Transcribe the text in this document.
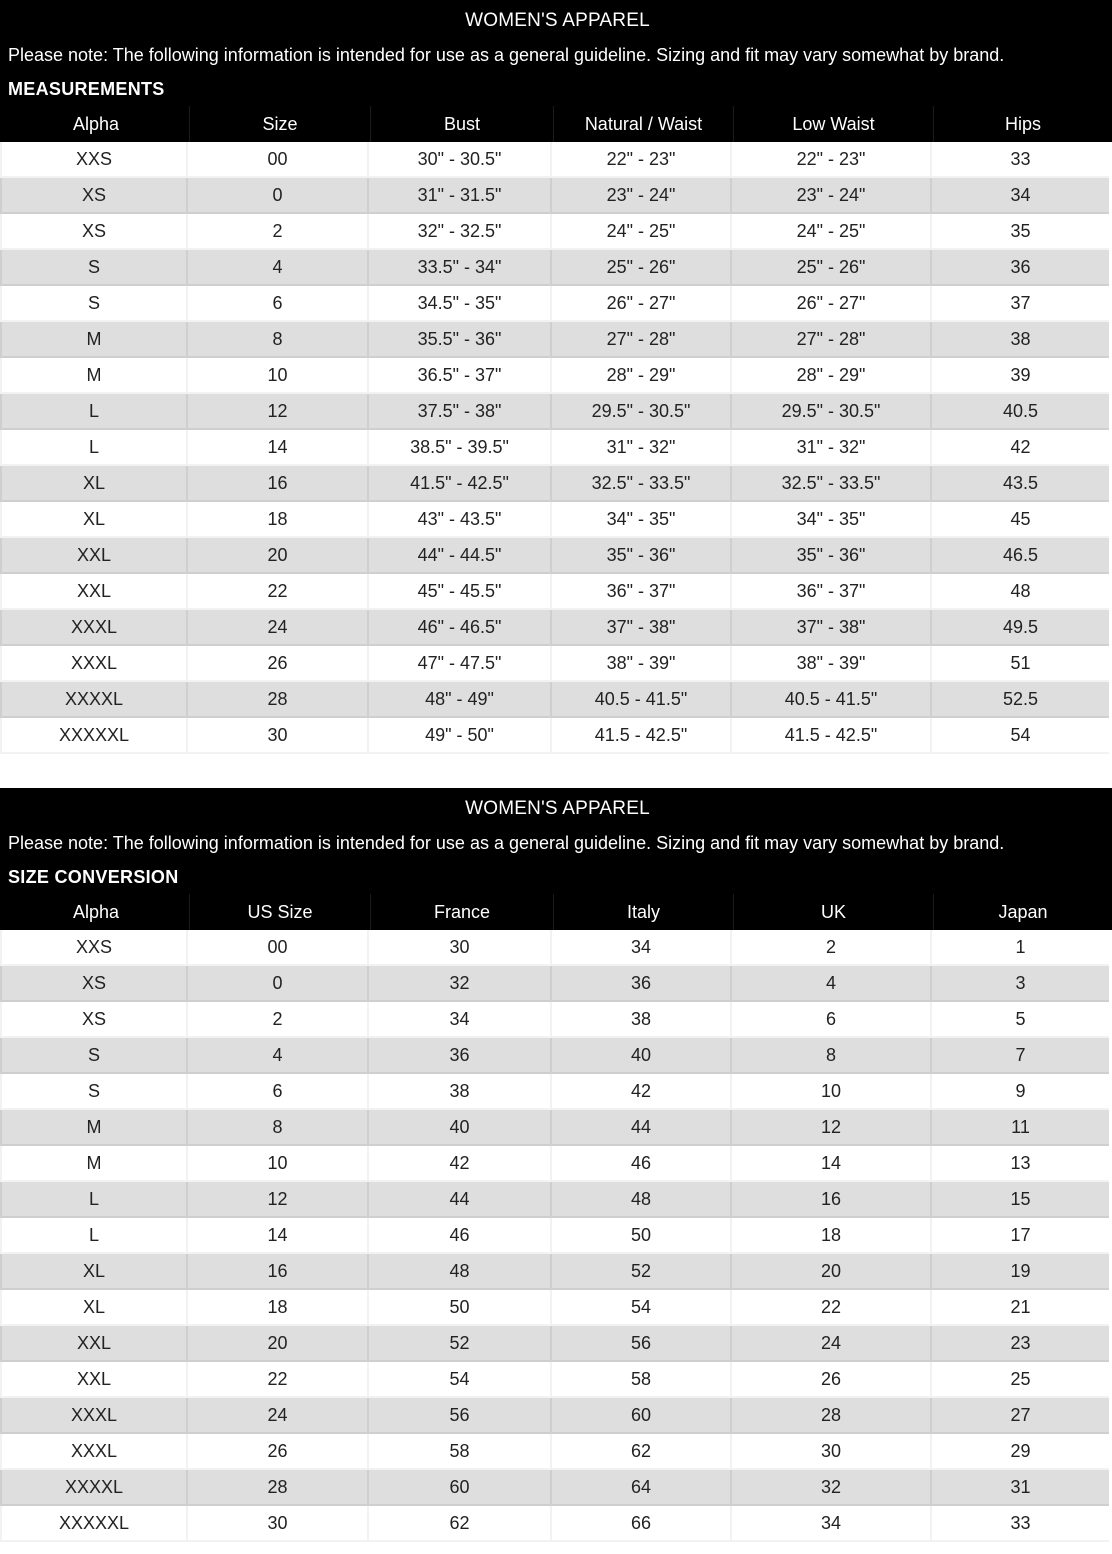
WOMEN'S APPAREL
Please note: The following information is intended for use as a general guideline. Sizing and fit may vary somewhat by brand.
MEASUREMENTS
Alpha	Size	Bust	Natural / Waist	Low Waist	Hips
XXS	00	30" - 30.5"	22" - 23"	22" - 23"	33
XS	0	31" - 31.5"	23" - 24"	23" - 24"	34
XS	2	32" - 32.5"	24" - 25"	24" - 25"	35
S	4	33.5" - 34"	25" - 26"	25" - 26"	36
S	6	34.5" - 35"	26" - 27"	26" - 27"	37
M	8	35.5" - 36"	27" - 28"	27" - 28"	38
M	10	36.5" - 37"	28" - 29"	28" - 29"	39
L	12	37.5" - 38"	29.5" - 30.5"	29.5" - 30.5"	40.5
L	14	38.5" - 39.5"	31" - 32"	31" - 32"	42
XL	16	41.5" - 42.5"	32.5" - 33.5"	32.5" - 33.5"	43.5
XL	18	43" - 43.5"	34" - 35"	34" - 35"	45
XXL	20	44" - 44.5"	35" - 36"	35" - 36"	46.5
XXL	22	45" - 45.5"	36" - 37"	36" - 37"	48
XXXL	24	46" - 46.5"	37" - 38"	37" - 38"	49.5
XXXL	26	47" - 47.5"	38" - 39"	38" - 39"	51
XXXXL	28	48" - 49"	40.5 - 41.5"	40.5 - 41.5"	52.5
XXXXXL	30	49" - 50"	41.5 - 42.5"	41.5 - 42.5"	54
WOMEN'S APPAREL
Please note: The following information is intended for use as a general guideline. Sizing and fit may vary somewhat by brand.
SIZE CONVERSION
Alpha	US Size	France	Italy	UK	Japan
XXS	00	30	34	2	1
XS	0	32	36	4	3
XS	2	34	38	6	5
S	4	36	40	8	7
S	6	38	42	10	9
M	8	40	44	12	11
M	10	42	46	14	13
L	12	44	48	16	15
L	14	46	50	18	17
XL	16	48	52	20	19
XL	18	50	54	22	21
XXL	20	52	56	24	23
XXL	22	54	58	26	25
XXXL	24	56	60	28	27
XXXL	26	58	62	30	29
XXXXL	28	60	64	32	31
XXXXXL	30	62	66	34	33
